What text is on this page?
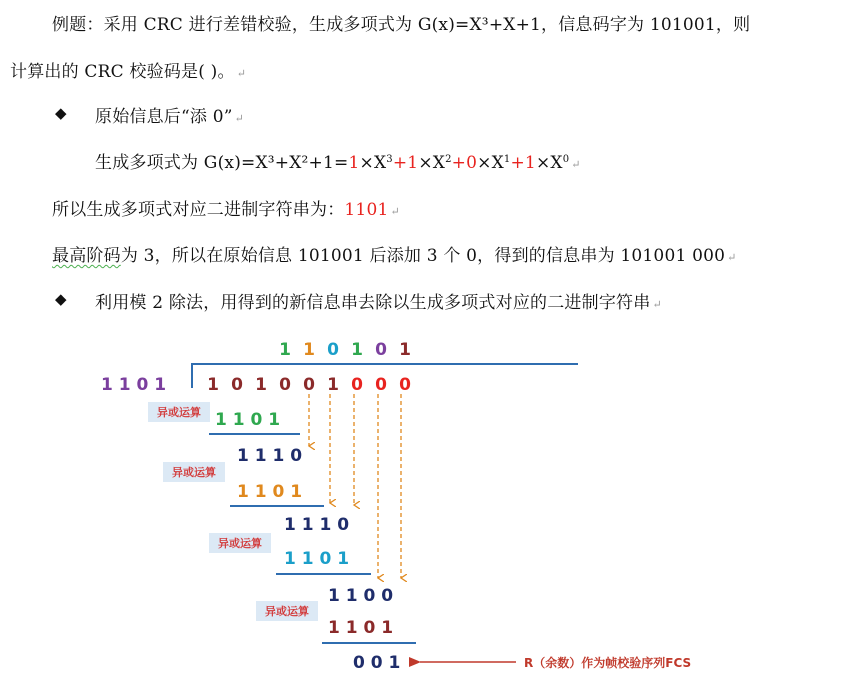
例题：采用 CRC 进行差错校验，生成多项式为 G(x)=X³+X+1，信息码字为 101001，则
计算出的 CRC 校验码是( )。 ↵
◆ 原始信息后“添 0” ↵
生成多项式为 $G(x)=X^3+X^2+1=1\times X^3+1\times X^2+0\times X^1+1\times X^0$ ↵
所以生成多项式对应二进制字符串为：1101 ↵
最高阶码为 3，所以在原始信息 101001 后添加 3 个 0，得到的信息串为 101001 000 ↵
◆ 利用模 2 除法，用得到的新信息串去除以生成多项式对应的二进制字符串 ↵
1 1 0 1 0 1
1 1 0 1 1 0 1 0 0 1 0 0 0
异或运算 1 1 0 1
1 1 1 0
异或运算
1 1 0 1
1 1 1 0
异或运算
1 1 0 1
1 1 0 0
异或运算
1 1 0 1
0 0 1	R（余数）作为帧校验序列FCS
